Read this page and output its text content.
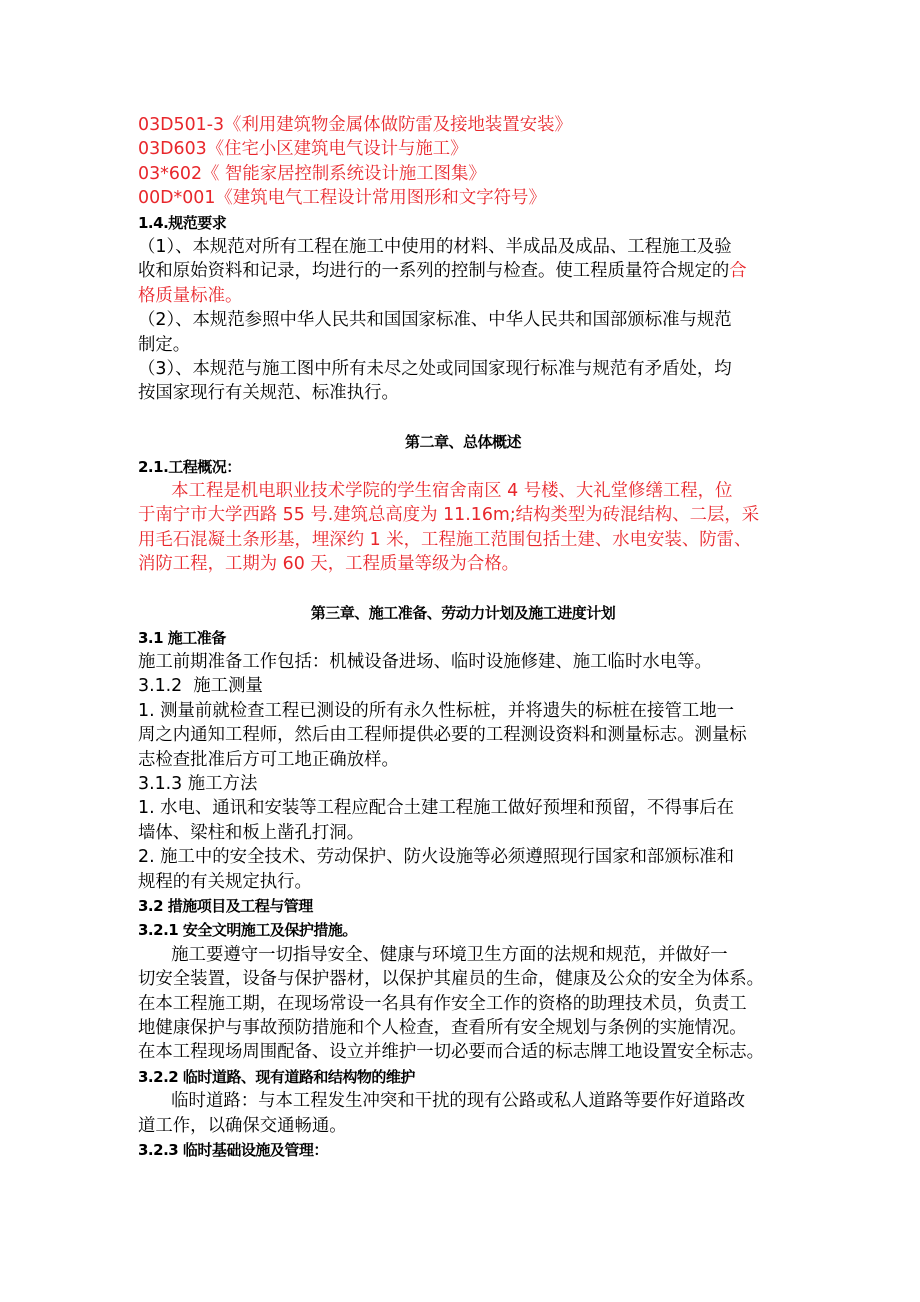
03D501-3《利用建筑物金属体做防雷及接地装置安装》

03D603《住宅小区建筑电气设计与施工》

03*602《 智能家居控制系统设计施工图集》

00D*001《建筑电气工程设计常用图形和文字符号》

1.4.规范要求

（1）、本规范对所有工程在施工中使用的材料、半成品及成品、工程施工及验

收和原始资料和记录，均进行的一系列的控制与检查。使工程质量符合规定的合

格质量标准。

（2）、本规范参照中华人民共和国国家标准、中华人民共和国部颁标准与规范

制定。

（3）、本规范与施工图中所有未尽之处或同国家现行标准与规范有矛盾处，均

按国家现行有关规范、标准执行。

第二章、总体概述

2.1.工程概况：

本工程是机电职业技术学院的学生宿舍南区 4 号楼、大礼堂修缮工程，位

于南宁市大学西路 55 号.建筑总高度为 11.16m;结构类型为砖混结构、二层，采

用毛石混凝土条形基，埋深约 1 米，工程施工范围包括土建、水电安装、防雷、

消防工程，工期为 60 天，工程质量等级为合格。

第三章、施工准备、劳动力计划及施工进度计划

3.1 施工准备

施工前期准备工作包括：机械设备进场、临时设施修建、施工临时水电等。

3.1.2  施工测量

1. 测量前就检查工程已测设的所有永久性标桩，并将遗失的标桩在接管工地一

周之内通知工程师，然后由工程师提供必要的工程测设资料和测量标志。测量标

志检查批准后方可工地正确放样。

3.1.3 施工方法

1. 水电、通讯和安装等工程应配合土建工程施工做好预埋和预留，不得事后在

墙体、梁柱和板上凿孔打洞。

2. 施工中的安全技术、劳动保护、防火设施等必须遵照现行国家和部颁标准和

规程的有关规定执行。

3.2 措施项目及工程与管理

3.2.1 安全文明施工及保护措施。

施工要遵守一切指导安全、健康与环境卫生方面的法规和规范，并做好一

切安全装置，设备与保护器材，以保护其雇员的生命，健康及公众的安全为体系。

在本工程施工期，在现场常设一名具有作安全工作的资格的助理技术员，负责工

地健康保护与事故预防措施和个人检查，查看所有安全规划与条例的实施情况。

在本工程现场周围配备、设立并维护一切必要而合适的标志牌工地设置安全标志。

3.2.2 临时道路、现有道路和结构物的维护

临时道路：与本工程发生冲突和干扰的现有公路或私人道路等要作好道路改

道工作，以确保交通畅通。

3.2.3 临时基础设施及管理：
